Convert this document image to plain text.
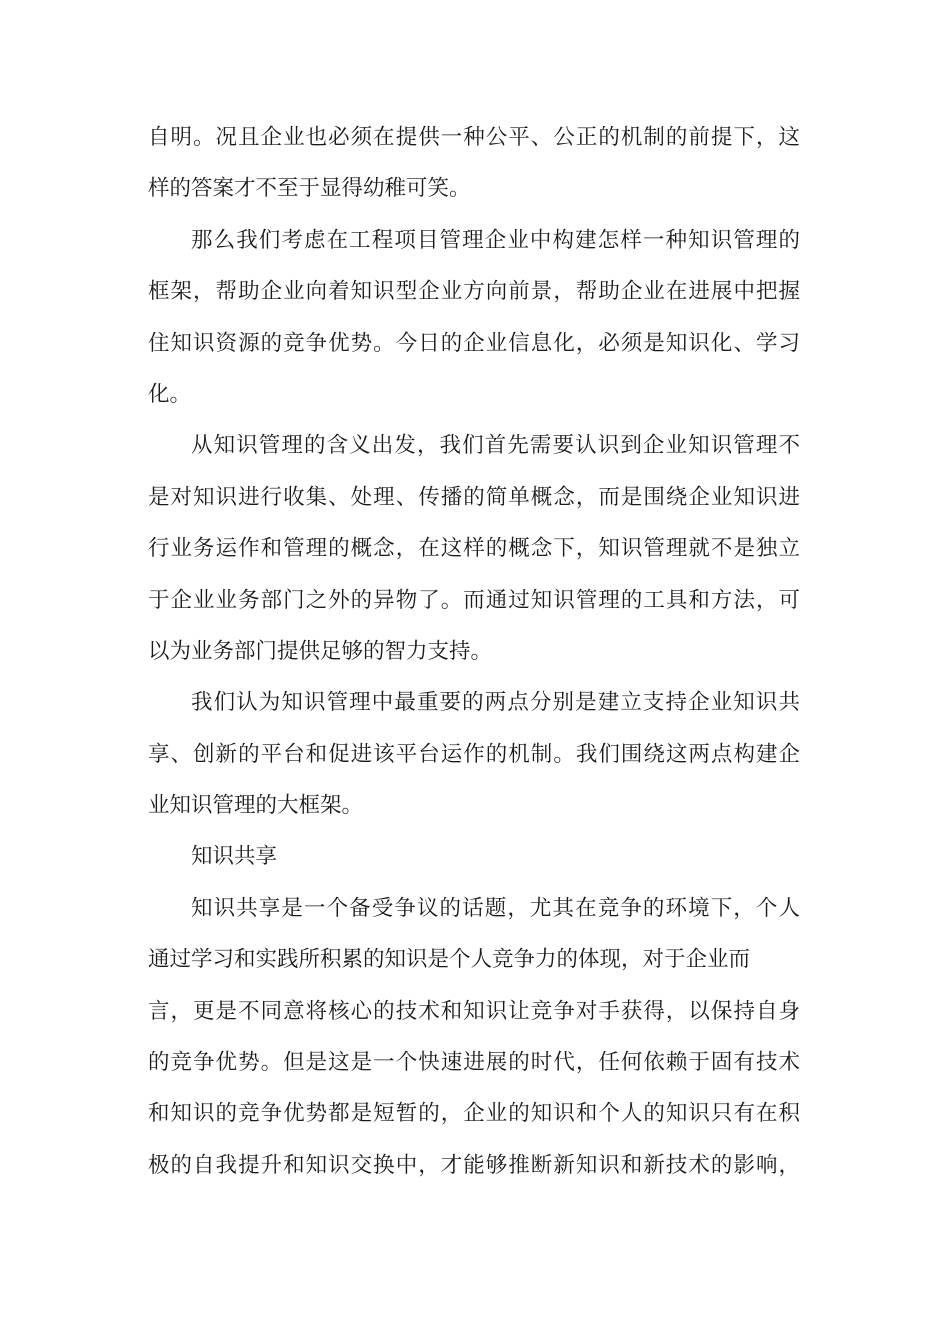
自明。况且企业也必须在提供一种公平、公正的机制的前提下，这
样的答案才不至于显得幼稚可笑。
那么我们考虑在工程项目管理企业中构建怎样一种知识管理的
框架，帮助企业向着知识型企业方向前景，帮助企业在进展中把握
住知识资源的竞争优势。今日的企业信息化，必须是知识化、学习
化。
从知识管理的含义出发，我们首先需要认识到企业知识管理不
是对知识进行收集、处理、传播的简单概念，而是围绕企业知识进
行业务运作和管理的概念，在这样的概念下，知识管理就不是独立
于企业业务部门之外的异物了。而通过知识管理的工具和方法，可
以为业务部门提供足够的智力支持。
我们认为知识管理中最重要的两点分别是建立支持企业知识共
享、创新的平台和促进该平台运作的机制。我们围绕这两点构建企
业知识管理的大框架。
知识共享
知识共享是一个备受争议的话题，尤其在竞争的环境下，个人
通过学习和实践所积累的知识是个人竞争力的体现，对于企业而
言，更是不同意将核心的技术和知识让竞争对手获得，以保持自身
的竞争优势。但是这是一个快速进展的时代，任何依赖于固有技术
和知识的竞争优势都是短暂的，企业的知识和个人的知识只有在积
极的自我提升和知识交换中，才能够推断新知识和新技术的影响，
